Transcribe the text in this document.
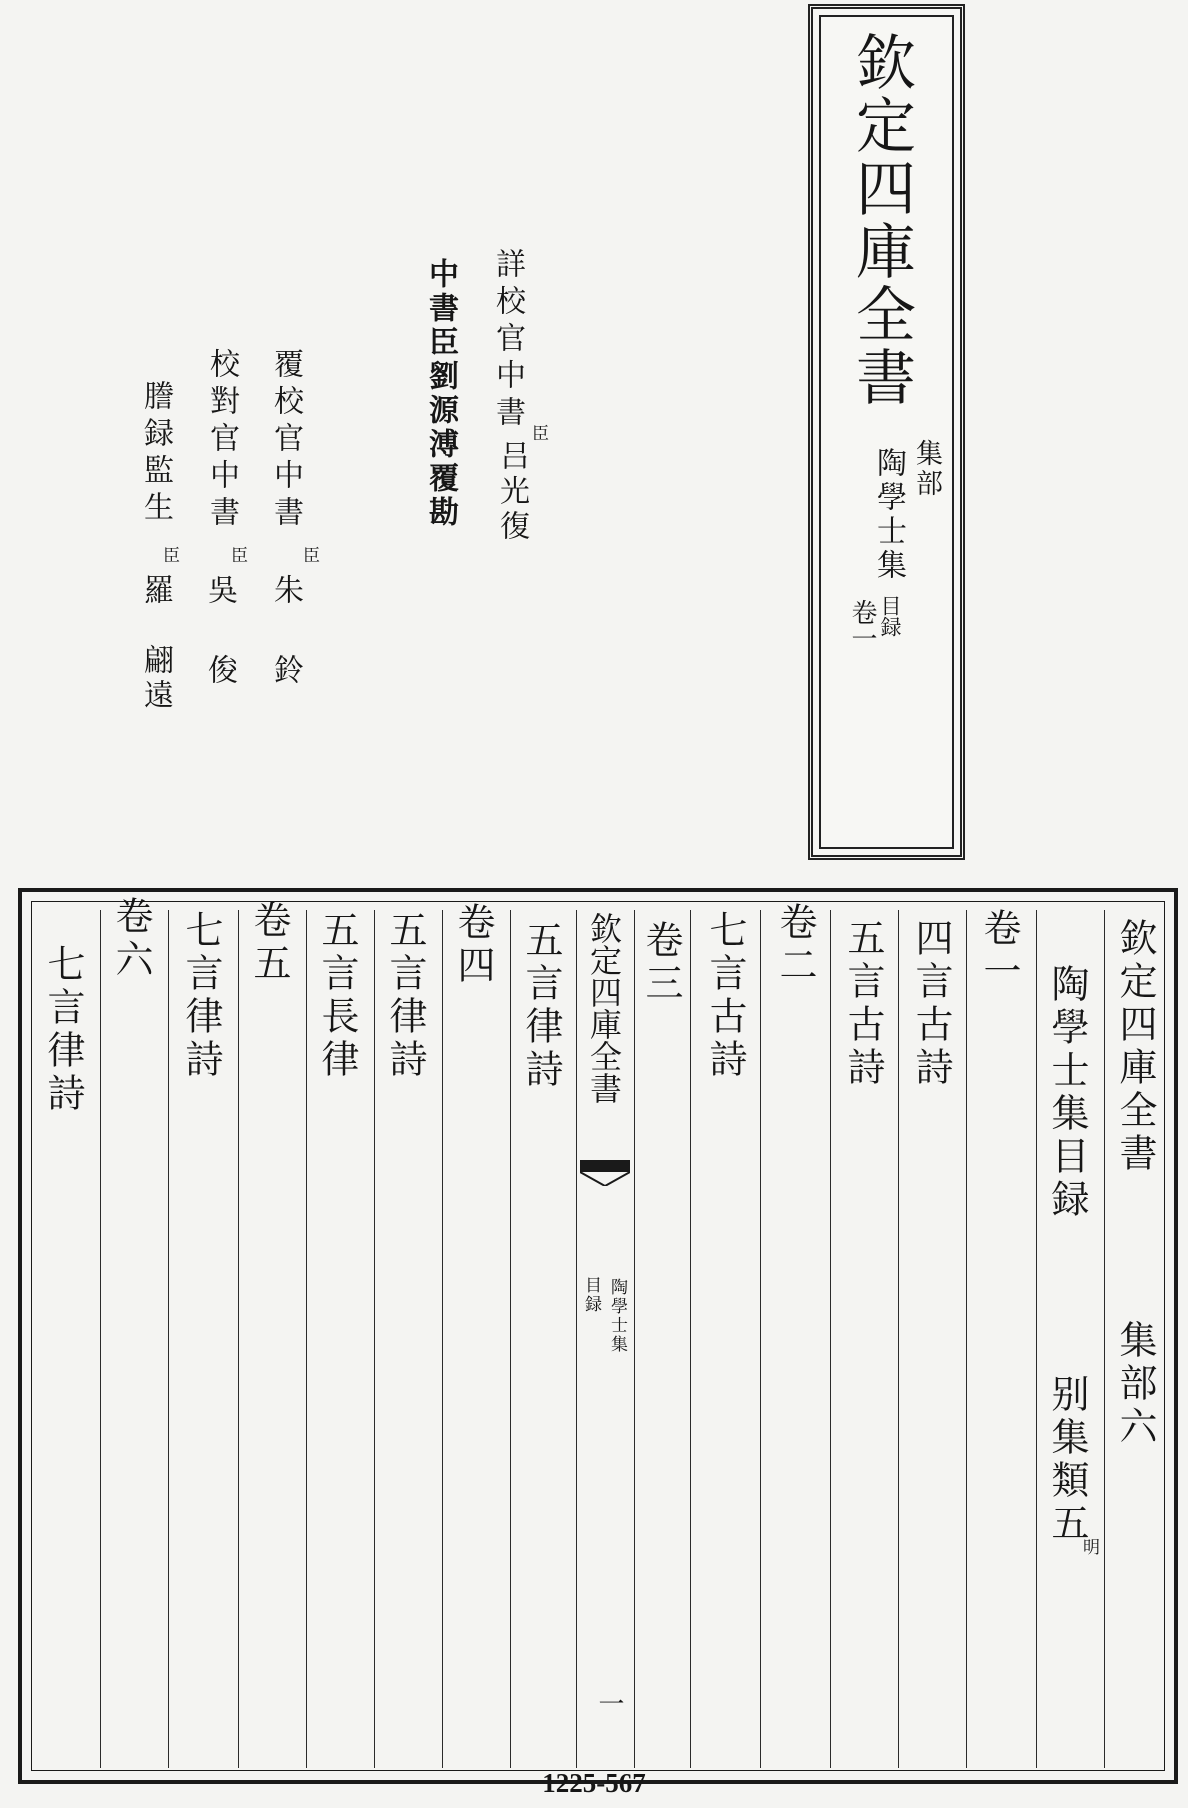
欽定四庫全書
集部
陶學士集
目録
卷一
詳校官中書 臣
吕光復
中書臣劉源溥覆勘
覆校官中書
臣
朱　鈴
校對官中書
臣
吳　俊
謄録監生
臣
羅　翩遠
欽定四庫全書
集部六
陶學士集目録
别集類五
明
卷一
四言古詩
五言古詩
卷二
七言古詩
卷三
欽定四庫全書
陶學士集
目録
一
五言律詩
卷四
五言律詩
五言長律
卷五
七言律詩
卷六
七言律詩
1225-567
